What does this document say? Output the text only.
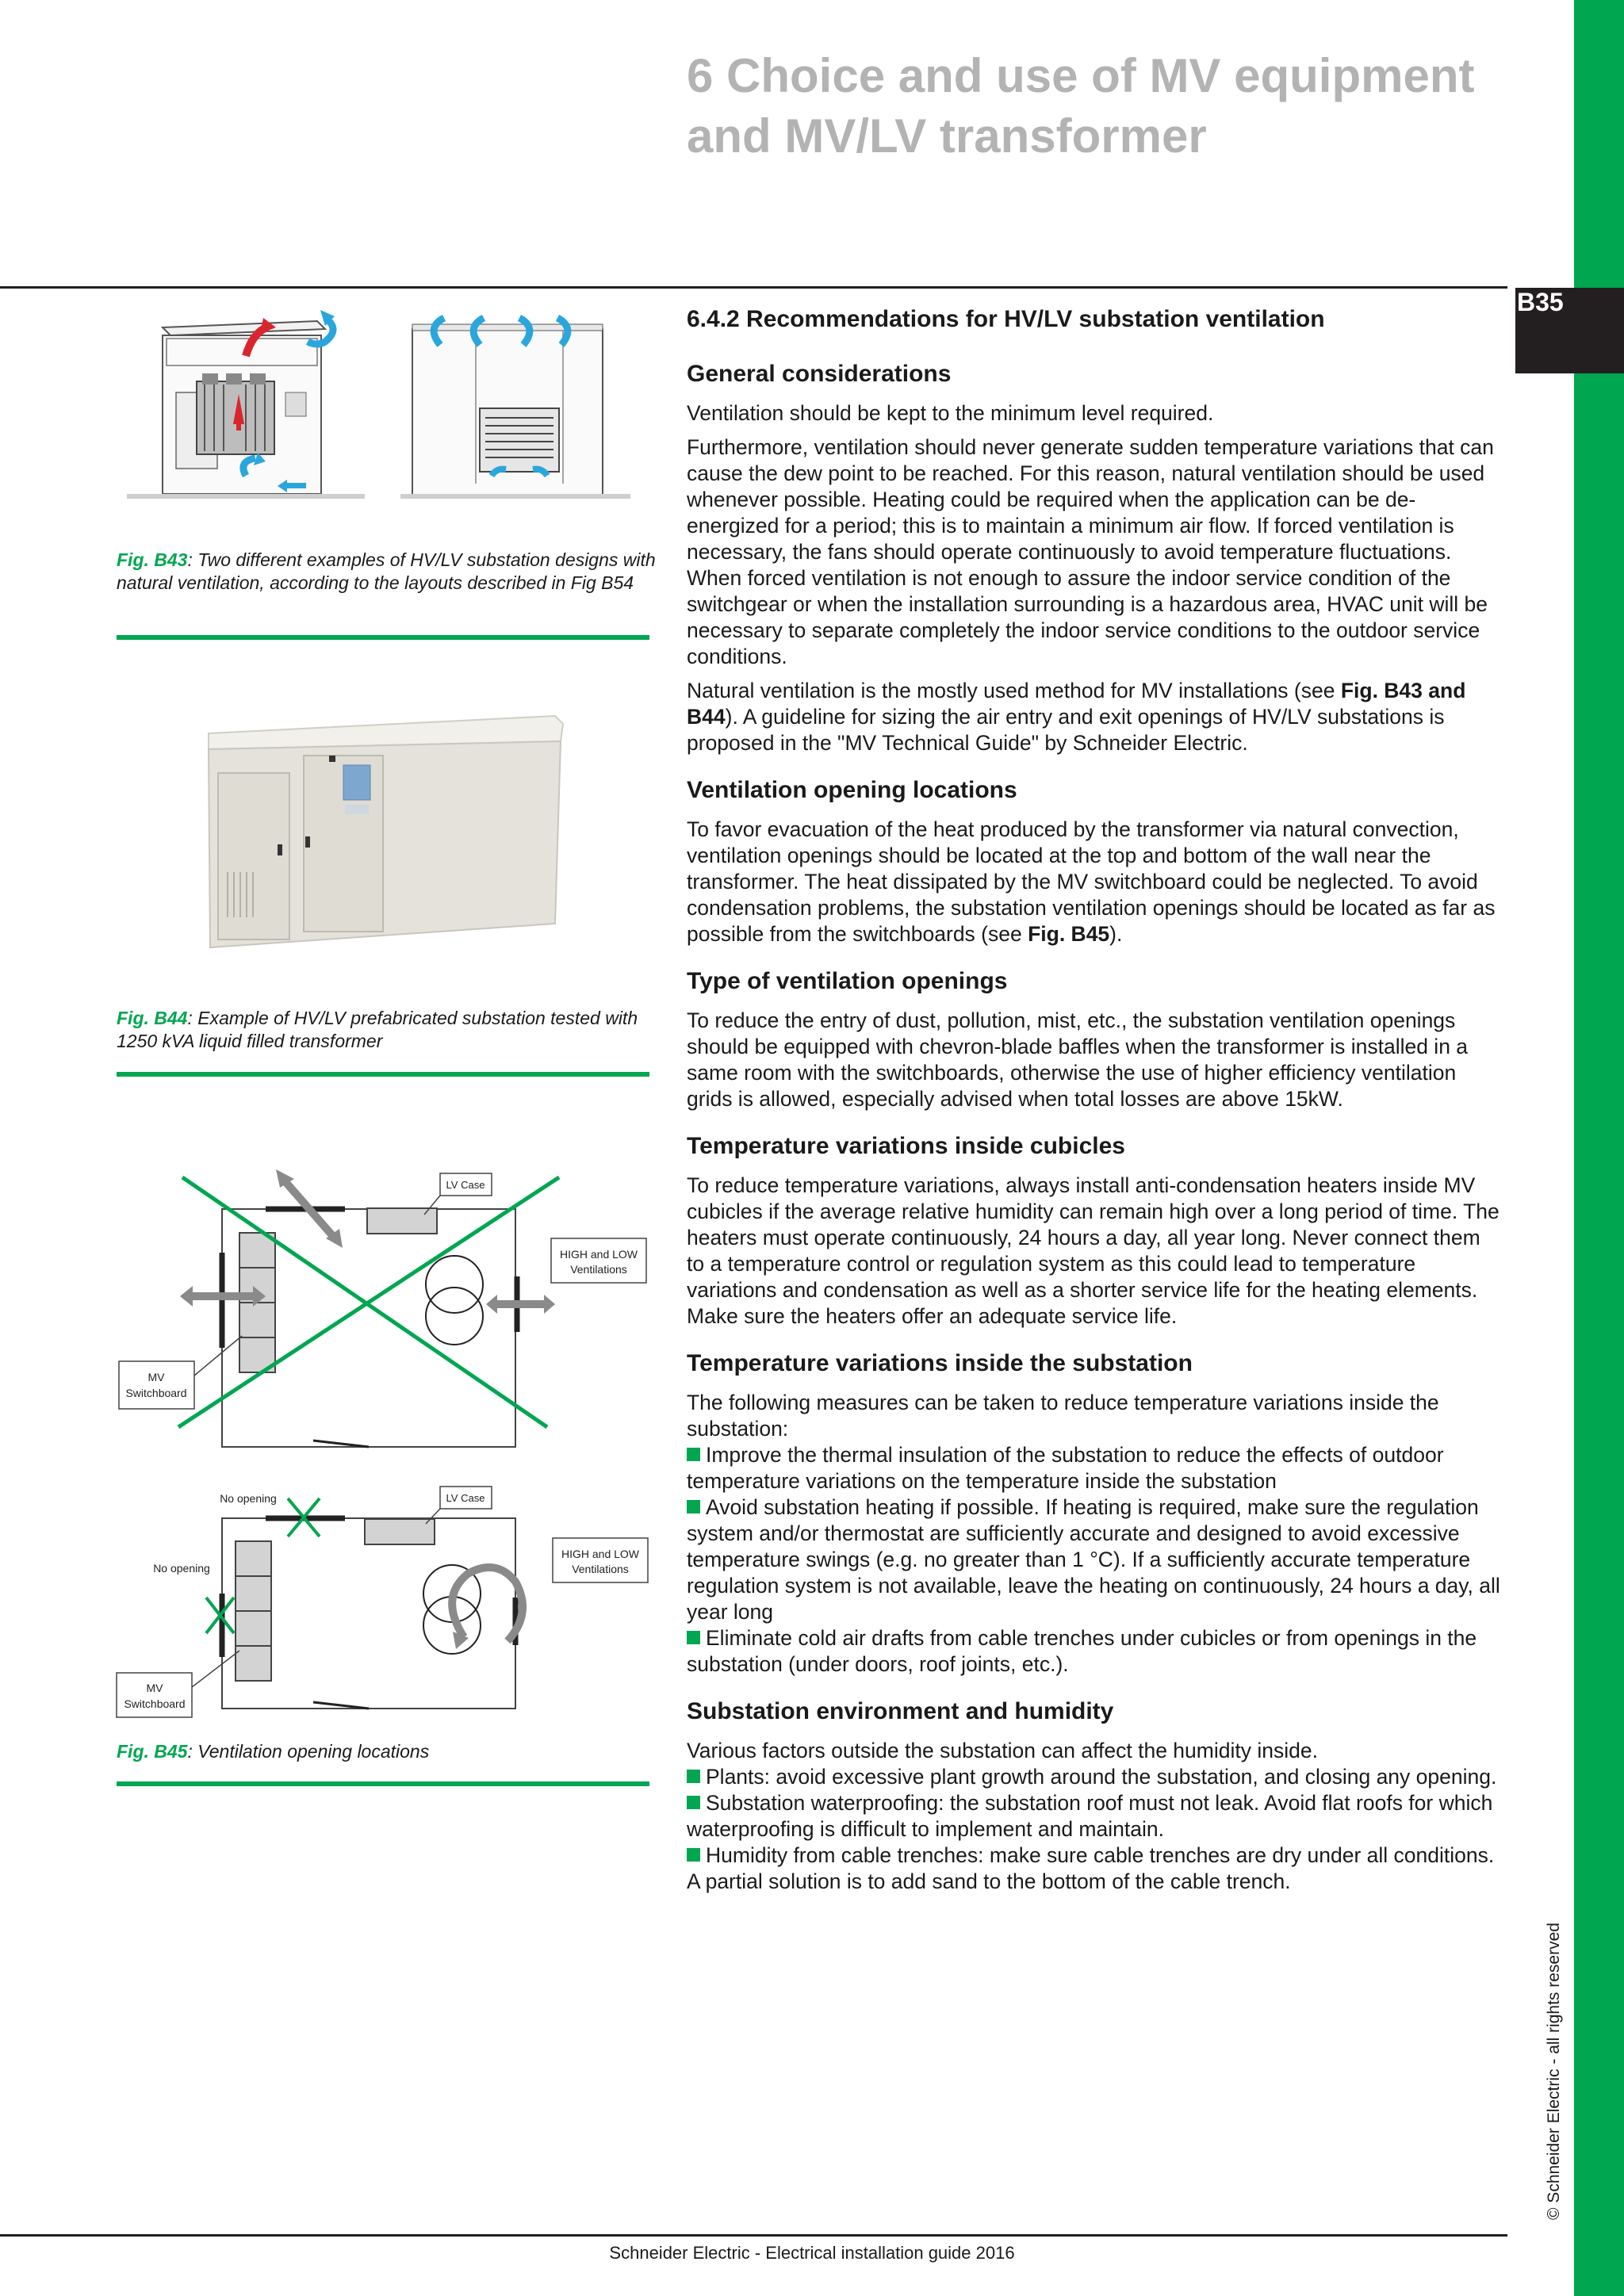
B35
6 Choice and use of MV equipment
and MV/LV transformer
Fig. B43: Two different examples of HV/LV substation designs with natural ventilation, according to the layouts described in Fig B54
Fig. B44: Example of HV/LV prefabricated substation tested with 1250 kVA liquid filled transformer
LV Case
HIGH and LOW
Ventilations
MV
Switchboard
No opening
No opening
LV Case
HIGH and LOW
Ventilations
MV
Switchboard
Fig. B45: Ventilation opening locations
6.4.2 Recommendations for HV/LV substation ventilation
General considerations

Ventilation should be kept to the minimum level required.

Furthermore, ventilation should never generate sudden temperature variations that can cause the dew point to be reached. For this reason, natural ventilation should be used whenever possible. Heating could be required when the application can be de-energized for a period; this is to maintain a minimum air flow. If forced ventilation is necessary, the fans should operate continuously to avoid temperature fluctuations. When forced ventilation is not enough to assure the indoor service condition of the switchgear or when the installation surrounding is a hazardous area, HVAC unit will be necessary to separate completely the indoor service conditions to the outdoor service conditions.

Natural ventilation is the mostly used method for MV installations (see Fig. B43 and B44). A guideline for sizing the air entry and exit openings of HV/LV substations is proposed in the "MV Technical Guide" by Schneider Electric.

Ventilation opening locations

To favor evacuation of the heat produced by the transformer via natural convection, ventilation openings should be located at the top and bottom of the wall near the transformer. The heat dissipated by the MV switchboard could be neglected. To avoid condensation problems, the substation ventilation openings should be located as far as possible from the switchboards (see Fig. B45).

Type of ventilation openings

To reduce the entry of dust, pollution, mist, etc., the substation ventilation openings should be equipped with chevron-blade baffles when the transformer is installed in a same room with the switchboards, otherwise the use of higher efficiency ventilation grids is allowed, especially advised when total losses are above 15kW.

Temperature variations inside cubicles

To reduce temperature variations, always install anti-condensation heaters inside MV cubicles if the average relative humidity can remain high over a long period of time. The heaters must operate continuously, 24 hours a day, all year long. Never connect them to a temperature control or regulation system as this could lead to temperature variations and condensation as well as a shorter service life for the heating elements. Make sure the heaters offer an adequate service life.

Temperature variations inside the substation

The following measures can be taken to reduce temperature variations inside the substation:
Improve the thermal insulation of the substation to reduce the effects of outdoor temperature variations on the temperature inside the substation
Avoid substation heating if possible. If heating is required, make sure the regulation system and/or thermostat are sufficiently accurate and designed to avoid excessive temperature swings (e.g. no greater than 1 °C). If a sufficiently accurate temperature regulation system is not available, leave the heating on continuously, 24 hours a day, all year long
Eliminate cold air drafts from cable trenches under cubicles or from openings in the substation (under doors, roof joints, etc.).

Substation environment and humidity

Various factors outside the substation can affect the humidity inside.
Plants: avoid excessive plant growth around the substation, and closing any opening.
Substation waterproofing: the substation roof must not leak. Avoid flat roofs for which waterproofing is difficult to implement and maintain.
Humidity from cable trenches: make sure cable trenches are dry under all conditions. A partial solution is to add sand to the bottom of the cable trench.

© Schneider Electric - all rights reserved
Schneider Electric - Electrical installation guide 2016
